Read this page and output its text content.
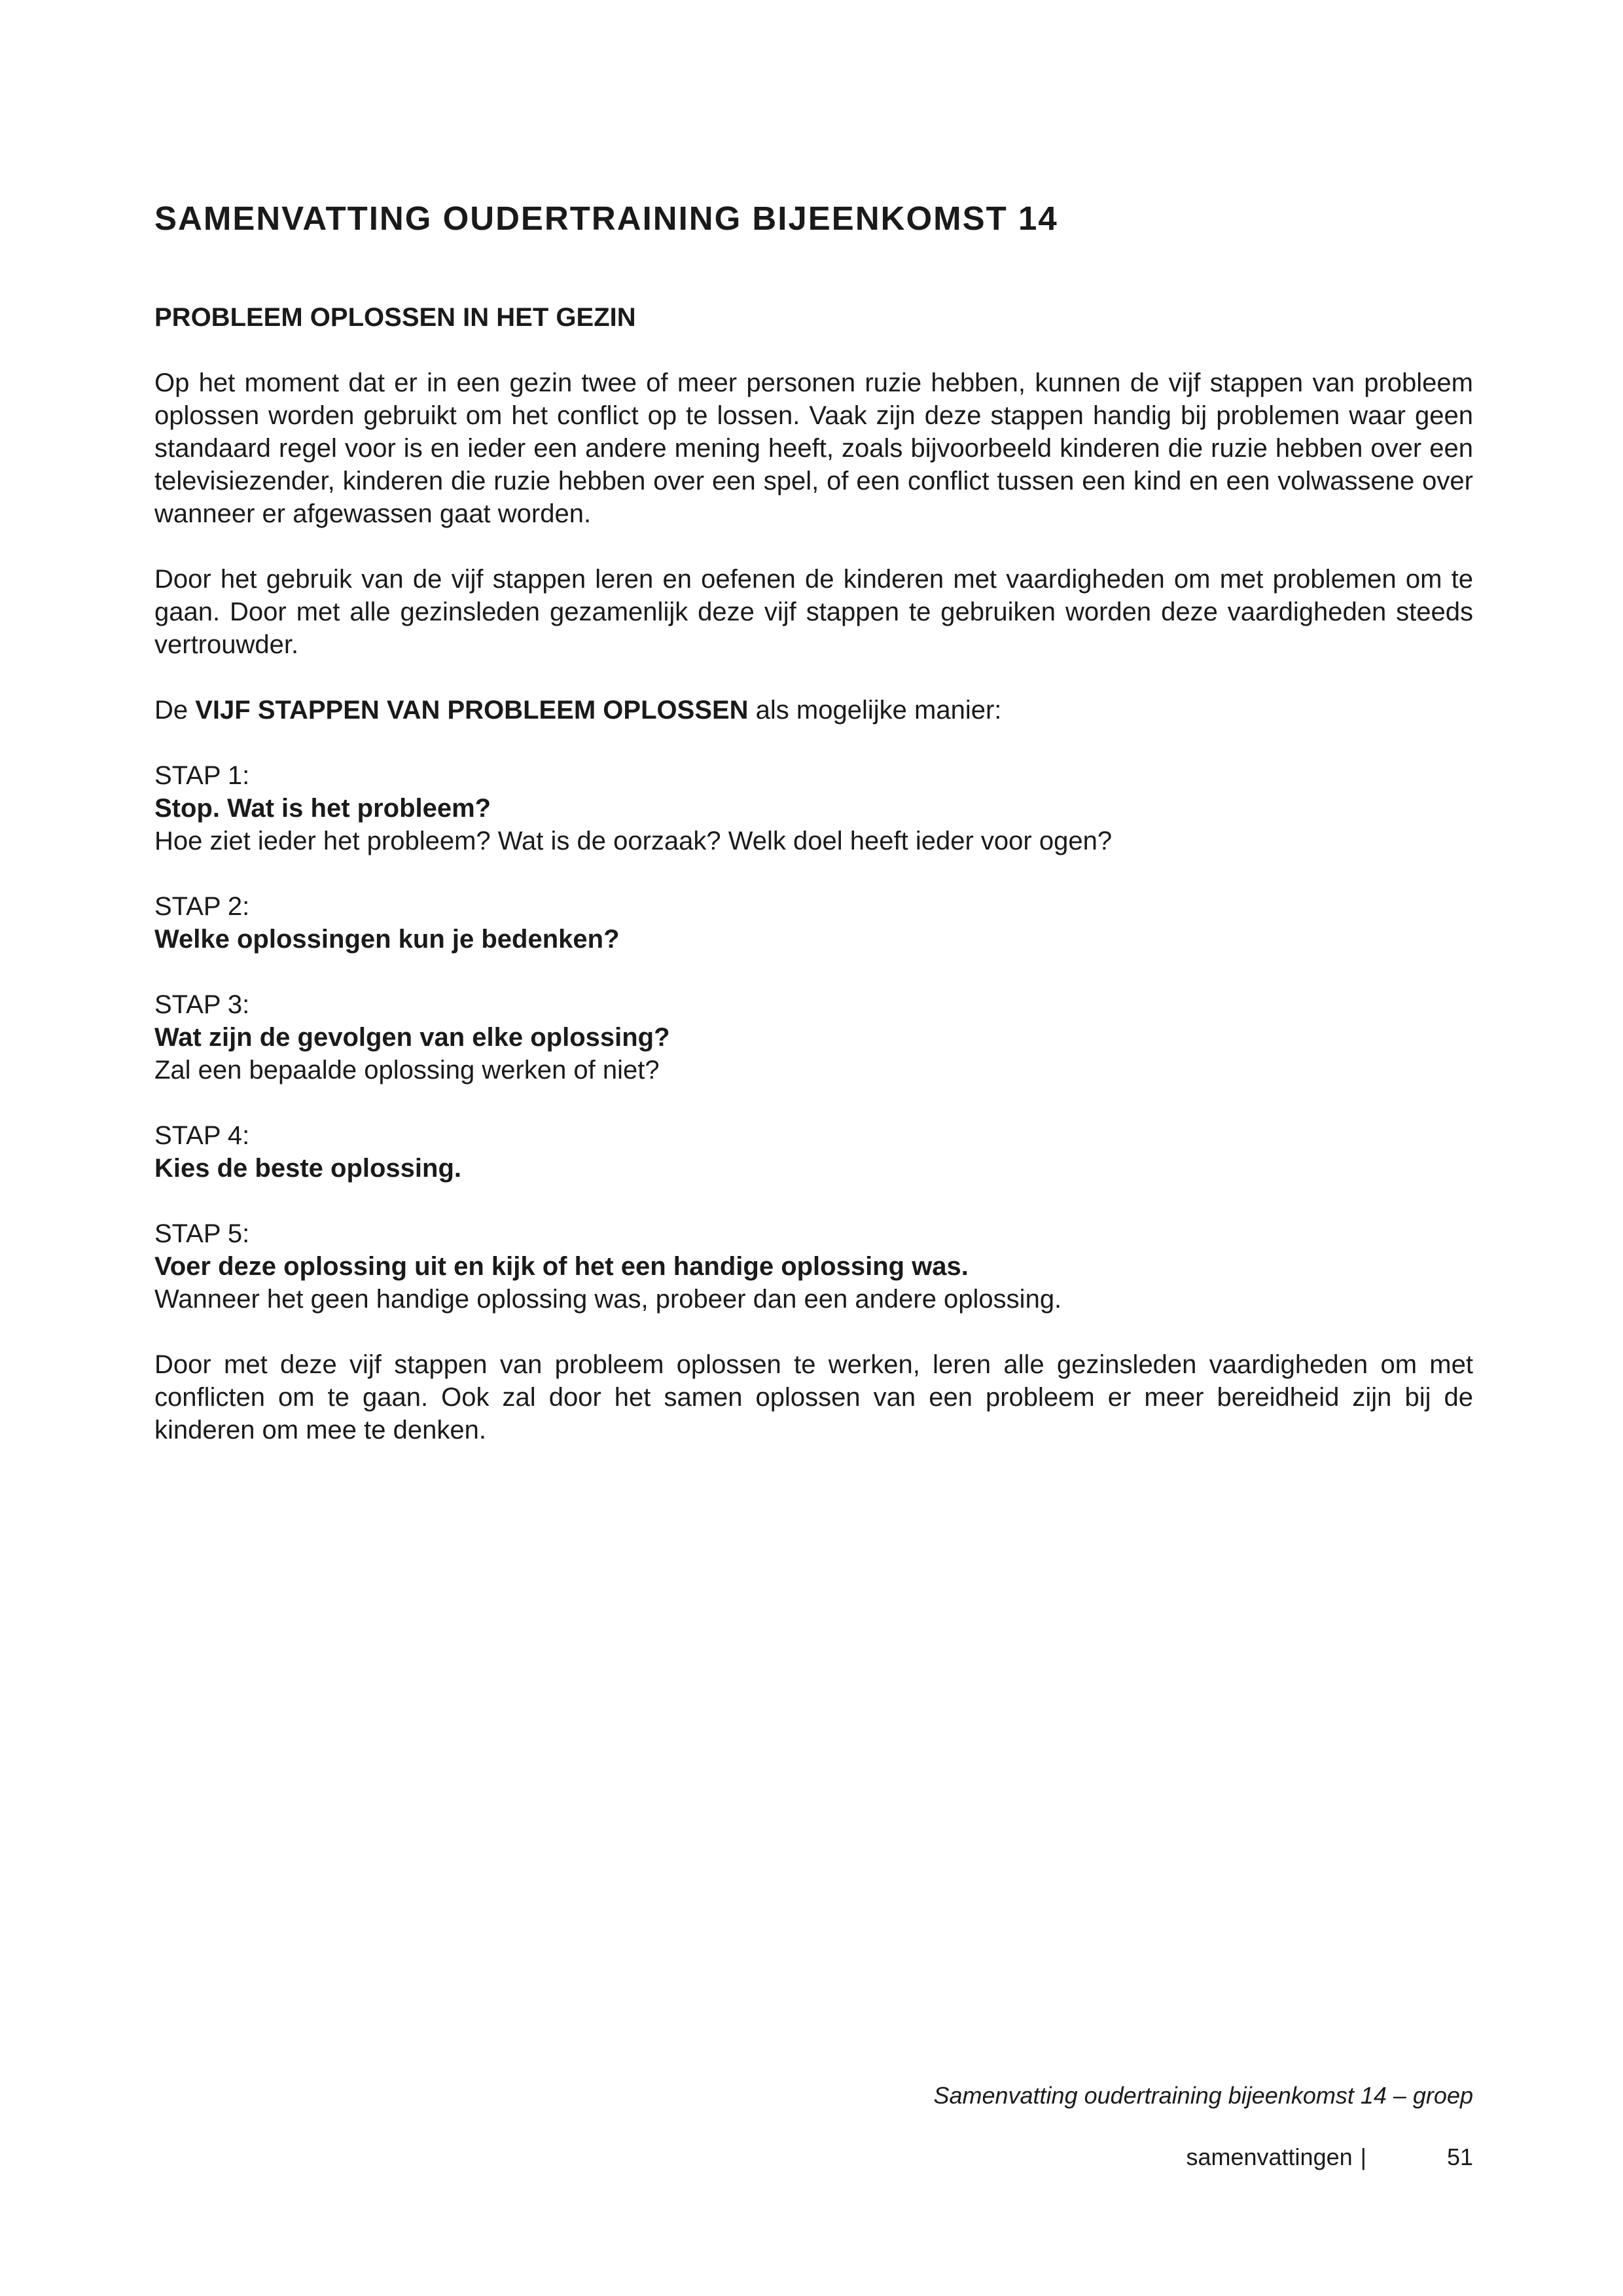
SAMENVATTING OUDERTRAINING BIJEENKOMST 14
PROBLEEM OPLOSSEN IN HET GEZIN

Op het moment dat er in een gezin twee of meer personen ruzie hebben, kunnen de vijf stappen van probleem oplossen worden gebruikt om het conflict op te lossen. Vaak zijn deze stappen handig bij problemen waar geen standaard regel voor is en ieder een andere mening heeft, zoals bijvoorbeeld kinderen die ruzie hebben over een televisiezender, kinderen die ruzie hebben over een spel, of een conflict tussen een kind en een volwassene over wanneer er afgewassen gaat worden.

Door het gebruik van de vijf stappen leren en oefenen de kinderen met vaardigheden om met problemen om te gaan. Door met alle gezinsleden gezamenlijk deze vijf stappen te gebruiken worden deze vaardigheden steeds vertrouwder.

De VIJF STAPPEN VAN PROBLEEM OPLOSSEN als mogelijke manier:

STAP 1:
Stop. Wat is het probleem?
Hoe ziet ieder het probleem? Wat is de oorzaak? Welk doel heeft ieder voor ogen?
STAP 2:
Welke oplossingen kun je bedenken?
STAP 3:
Wat zijn de gevolgen van elke oplossing?
Zal een bepaalde oplossing werken of niet?
STAP 4:
Kies de beste oplossing.
STAP 5:
Voer deze oplossing uit en kijk of het een handige oplossing was.
Wanneer het geen handige oplossing was, probeer dan een andere oplossing.

Door met deze vijf stappen van probleem oplossen te werken, leren alle gezinsleden vaardigheden om met conflicten om te gaan. Ook zal door het samen oplossen van een probleem er meer bereidheid zijn bij de kinderen om mee te denken.

Samenvatting oudertraining bijeenkomst 14 – groep
samenvattingen |	51
